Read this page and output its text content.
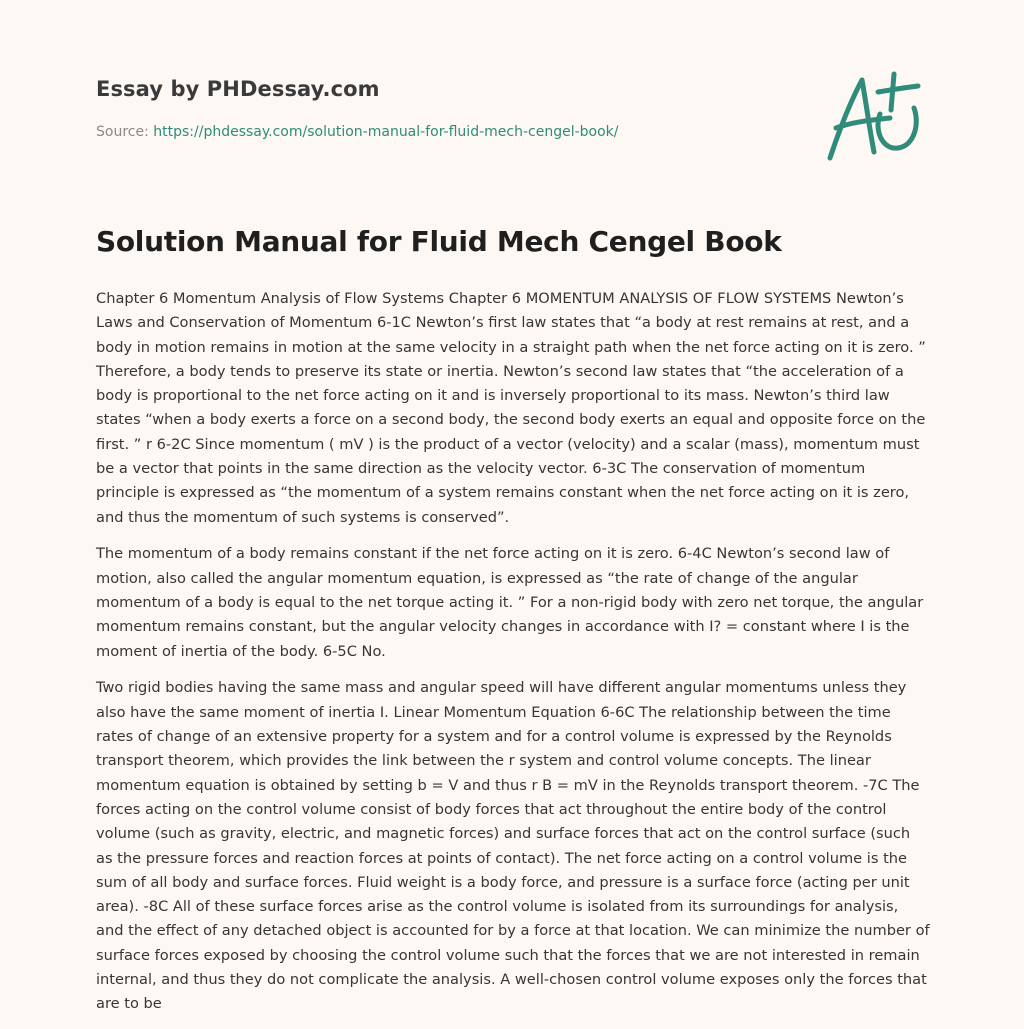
Essay by PHDessay.com
Source: https://phdessay.com/solution-manual-for-fluid-mech-cengel-book/
Solution Manual for Fluid Mech Cengel Book

Chapter 6 Momentum Analysis of Flow Systems Chapter 6 MOMENTUM ANALYSIS OF FLOW SYSTEMS Newton’s Laws and Conservation of Momentum 6-1C Newton’s first law states that “a body at rest remains at rest, and a body in motion remains in motion at the same velocity in a straight path when the net force acting on it is zero. ” Therefore, a body tends to preserve its state or inertia. Newton’s second law states that “the acceleration of a body is proportional to the net force acting on it and is inversely proportional to its mass. Newton’s third law states “when a body exerts a force on a second body, the second body exerts an equal and opposite force on the first. ” r 6-2C Since momentum ( mV ) is the product of a vector (velocity) and a scalar (mass), momentum must be a vector that points in the same direction as the velocity vector. 6-3C The conservation of momentum principle is expressed as “the momentum of a system remains constant when the net force acting on it is zero, and thus the momentum of such systems is conserved”.

The momentum of a body remains constant if the net force acting on it is zero. 6-4C Newton’s second law of motion, also called the angular momentum equation, is expressed as “the rate of change of the angular momentum of a body is equal to the net torque acting it. ” For a non-rigid body with zero net torque, the angular momentum remains constant, but the angular velocity changes in accordance with I? = constant where I is the moment of inertia of the body. 6-5C No.

Two rigid bodies having the same mass and angular speed will have different angular momentums unless they also have the same moment of inertia I. Linear Momentum Equation 6-6C The relationship between the time rates of change of an extensive property for a system and for a control volume is expressed by the Reynolds transport theorem, which provides the link between the r system and control volume concepts. The linear momentum equation is obtained by setting b = V and thus r B = mV in the Reynolds transport theorem. -7C The forces acting on the control volume consist of body forces that act throughout the entire body of the control volume (such as gravity, electric, and magnetic forces) and surface forces that act on the control surface (such as the pressure forces and reaction forces at points of contact). The net force acting on a control volume is the sum of all body and surface forces. Fluid weight is a body force, and pressure is a surface force (acting per unit area). -8C All of these surface forces arise as the control volume is isolated from its surroundings for analysis, and the effect of any detached object is accounted for by a force at that location. We can minimize the number of surface forces exposed by choosing the control volume such that the forces that we are not interested in remain internal, and thus they do not complicate the analysis. A well-chosen control volume exposes only the forces that are to be
